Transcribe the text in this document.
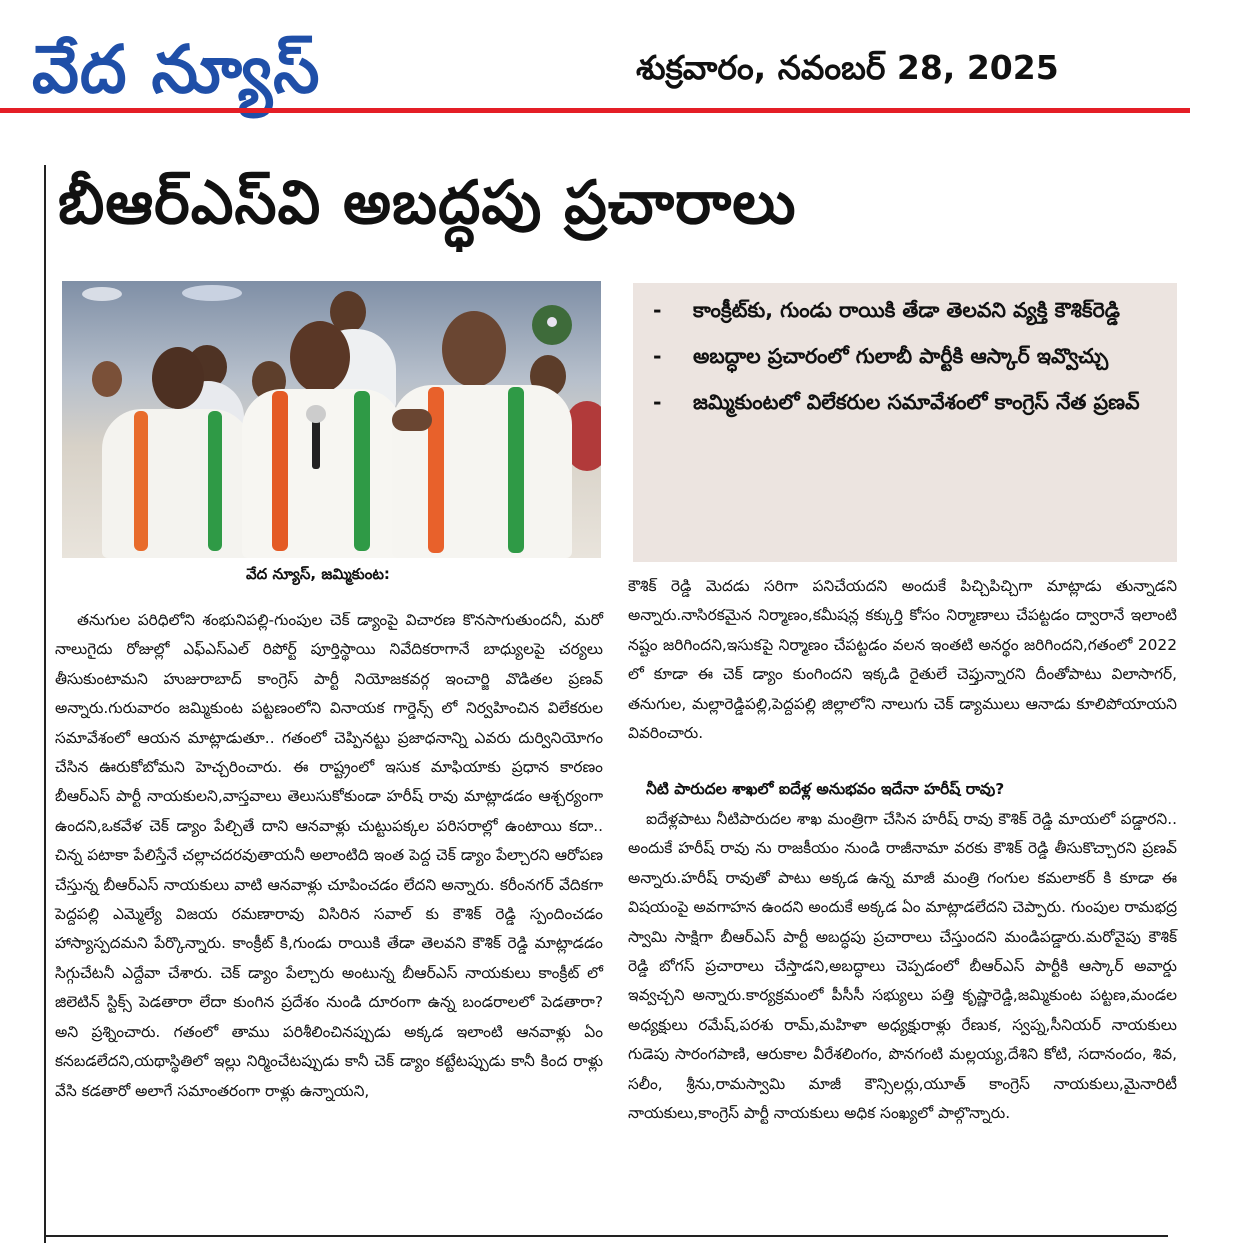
వేద న్యూస్	శుక్రవారం, నవంబర్ 28, 2025
బీఆర్ఎస్‌వి అబద్ధపు ప్రచారాలు
వేద న్యూస్, జమ్మికుంట:
-	కాంక్రీట్‌కు, గుండు రాయికి తేడా తెలవని వ్యక్తి కౌశిక్‌రెడ్డి
-	అబద్ధాల ప్రచారంలో గులాబీ పార్టీకి ఆస్కార్ ఇవ్వొచ్చు
-	జమ్మికుంటలో విలేకరుల సమావేశంలో కాంగ్రెస్ నేత ప్రణవ్

తనుగుల పరిధిలోని శంభునిపల్లి-గుంపుల చెక్ డ్యాంపై విచారణ కొనసాగుతుందనీ, మరో నాలుగైదు రోజుల్లో ఎఫ్ఎస్ఎల్ రిపోర్ట్ పూర్తిస్థాయి నివేదికరాగానే బాధ్యులపై చర్యలు తీసుకుంటామని హుజురాబాద్ కాంగ్రెస్ పార్టీ నియోజకవర్గ ఇంచార్జి వొడితల ప్రణవ్ అన్నారు.గురువారం జమ్మికుంట పట్టణంలోని వినాయక గార్డెన్స్ లో నిర్వహించిన విలేకరుల సమావేశంలో ఆయన మాట్లాడుతూ.. గతంలో చెప్పినట్టు ప్రజాధనాన్ని ఎవరు దుర్వినియోగం చేసిన ఊరుకోబోమని హెచ్చరించారు. ఈ రాష్ట్రంలో ఇసుక మాఫియాకు ప్రధాన కారణం బీఆర్ఎస్ పార్టీ నాయకులని,వాస్తవాలు తెలుసుకోకుండా హరీష్ రావు మాట్లాడడం ఆశ్చర్యంగా ఉందని,ఒకవేళ చెక్ డ్యాం పేల్చితే దాని ఆనవాళ్లు చుట్టుపక్కల పరిసరాల్లో ఉంటాయి కదా.. చిన్న పటాకా పేలిస్తేనే చల్లాచదరవుతాయనీ అలాంటిది ఇంత పెద్ద చెక్ డ్యాం పేల్చారని ఆరోపణ చేస్తున్న బీఆర్ఎస్ నాయకులు వాటి ఆనవాళ్లు చూపించడం లేదని అన్నారు. కరీంనగర్ వేదికగా పెద్దపల్లి ఎమ్మెల్యే విజయ రమణారావు విసిరిన సవాల్ కు కౌశిక్ రెడ్డి స్పందించడం హాస్యాస్పదమని పేర్కొన్నారు. కాంక్రీట్ కి,గుండు రాయికి తేడా తెలవని కౌశిక్ రెడ్డి మాట్లాడడం సిగ్గుచేటనీ ఎద్దేవా చేశారు. చెక్ డ్యాం పేల్చారు అంటున్న బీఆర్ఎస్ నాయకులు కాంక్రీట్ లో జిలెటిన్ స్టిక్స్ పెడతారా లేదా కుంగిన ప్రదేశం నుండి దూరంగా ఉన్న బండరాలలో పెడతారా? అని ప్రశ్నించారు. గతంలో తాము పరిశీలించినప్పుడు అక్కడ ఇలాంటి ఆనవాళ్లు ఏం కనబడలేదని,యథాస్థితిలో ఇల్లు నిర్మించేటప్పుడు కానీ చెక్ డ్యాం కట్టేటప్పుడు కానీ కింద రాళ్లు వేసి కడతారో అలాగే సమాంతరంగా రాళ్లు ఉన్నాయని,

కౌశిక్ రెడ్డి మెదడు సరిగా పనిచేయదని అందుకే పిచ్చిపిచ్చిగా మాట్లాడు తున్నాడని అన్నారు.నాసిరకమైన నిర్మాణం,కమీషన్ల కక్కుర్తి కోసం నిర్మాణాలు చేపట్టడం ద్వారానే ఇలాంటి నష్టం జరిగిందని,ఇసుకపై నిర్మాణం చేపట్టడం వలన ఇంతటి అనర్థం జరిగిందని,గతంలో 2022 లో కూడా ఈ చెక్ డ్యాం కుంగిందని ఇక్కడి రైతులే చెప్తున్నారని దీంతోపాటు విలాసాగర్, తనుగుల, మల్లారెడ్డిపల్లి,పెద్దపల్లి జిల్లాలోని నాలుగు చెక్ డ్యాములు ఆనాడు కూలిపోయాయని వివరించారు.

నీటి పారుదల శాఖలో ఐదేళ్ల అనుభవం ఇదేనా హరీష్ రావు?

ఐదేళ్లపాటు నీటిపారుదల శాఖ మంత్రిగా చేసిన హరీష్ రావు కౌశిక్ రెడ్డి మాయలో పడ్డారని.. అందుకే హరీష్ రావు ను రాజకీయం నుండి రాజీనామా వరకు కౌశిక్ రెడ్డి తీసుకొచ్చారని ప్రణవ్ అన్నారు.హరీష్ రావుతో పాటు అక్కడ ఉన్న మాజీ మంత్రి గంగుల కమలాకర్ కి కూడా ఈ విషయంపై అవగాహన ఉందని అందుకే అక్కడ ఏం మాట్లాడలేదని చెప్పారు. గుంపుల రామభద్ర స్వామి సాక్షిగా బీఆర్ఎస్ పార్టీ అబద్ధపు ప్రచారాలు చేస్తుందని మండిపడ్డారు.మరోవైపు కౌశిక్ రెడ్డి బోగస్ ప్రచారాలు చేస్తాడని,అబద్ధాలు చెప్పడంలో బీఆర్ఎస్ పార్టీకి ఆస్కార్ అవార్డు ఇవ్వచ్చని అన్నారు.కార్యక్రమంలో పీసీసీ సభ్యులు పత్తి కృష్ణారెడ్డి,జమ్మికుంట పట్టణ,మండల అధ్యక్షులు రమేష్,పరశు రామ్,మహిళా అధ్యక్షురాళ్లు రేణుక, స్వప్న,సీనియర్ నాయకులు గుడెపు సారంగపాణి, ఆరుకాల వీరేశలింగం, పొనగంటి మల్లయ్య,దేశిని కోటి, సదానందం, శివ, సలీం, శ్రీను,రామస్వామి మాజీ కౌన్సిలర్లు,యూత్ కాంగ్రెస్ నాయకులు,మైనారిటీ నాయకులు,కాంగ్రెస్ పార్టీ నాయకులు అధిక సంఖ్యలో పాల్గొన్నారు.
